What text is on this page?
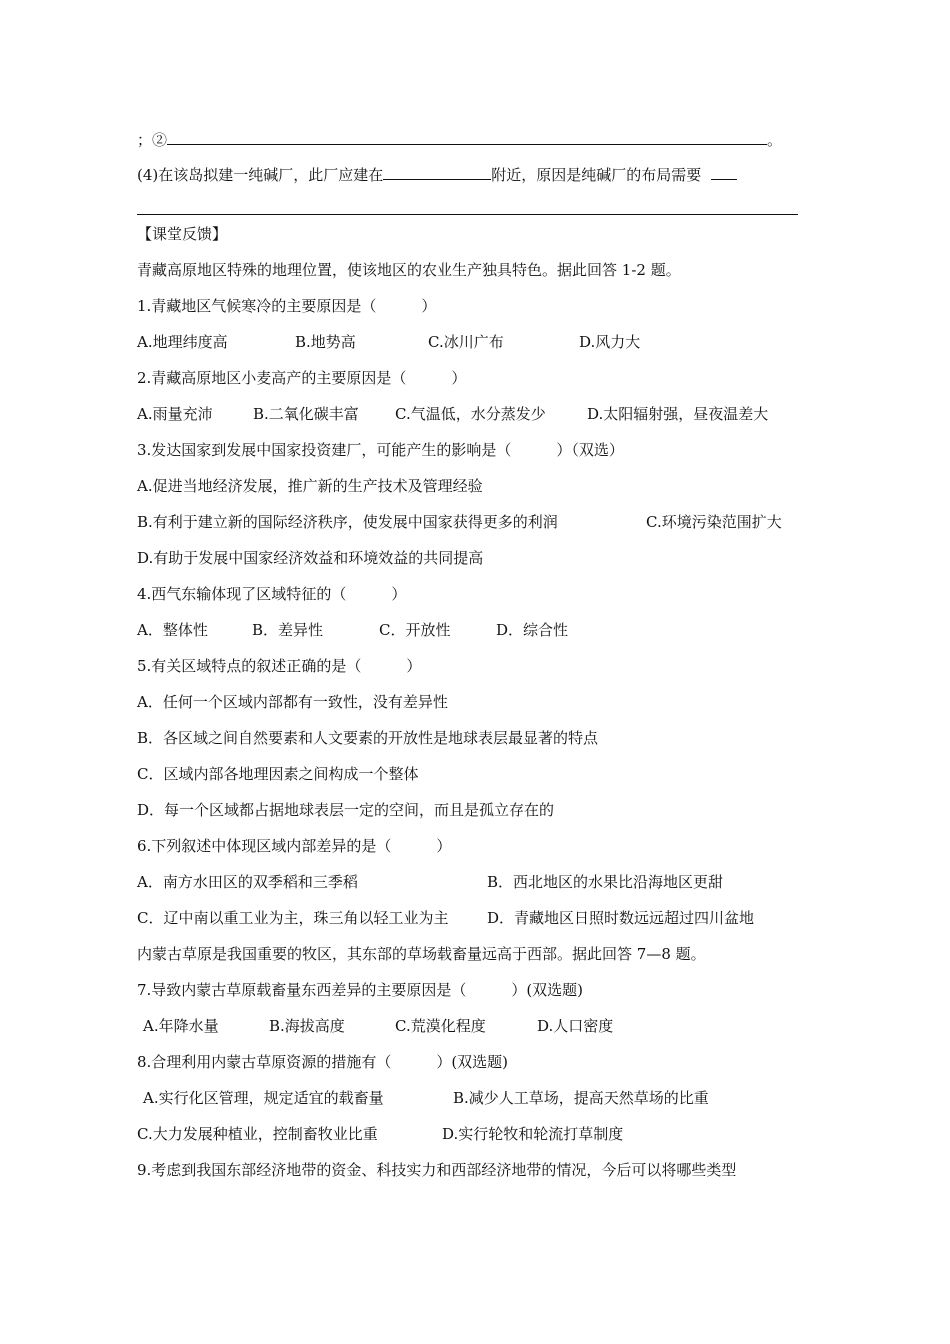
；②	。
(4)在该岛拟建一纯碱厂，此厂应建在	附近，原因是纯碱厂的布局需要
【课堂反馈】
青藏高原地区特殊的地理位置，使该地区的农业生产独具特色。据此回答 1-2 题。
1.青藏地区气候寒冷的主要原因是（　　　）
A.地理纬度高	B.地势高	C.冰川广布	D.风力大
2.青藏高原地区小麦高产的主要原因是（　　　）
A.雨量充沛	B.二氧化碳丰富 C.气温低，水分蒸发少	D.太阳辐射强，昼夜温差大
3.发达国家到发展中国家投资建厂，可能产生的影响是（　　　）（双选）
A.促进当地经济发展，推广新的生产技术及管理经验
B.有利于建立新的国际经济秩序，使发展中国家获得更多的利润	C.环境污染范围扩大
D.有助于发展中国家经济效益和环境效益的共同提高
4.西气东输体现了区域特征的（　　　）
A．整体性	B．差异性	C．开放性	D．综合性
5.有关区域特点的叙述正确的是（　　　）
A．任何一个区域内部都有一致性，没有差异性
B．各区域之间自然要素和人文要素的开放性是地球表层最显著的特点
C．区域内部各地理因素之间构成一个整体
D．每一个区域都占据地球表层一定的空间，而且是孤立存在的
6.下列叙述中体现区域内部差异的是（　　　）
A．南方水田区的双季稻和三季稻	B．西北地区的水果比沿海地区更甜
C．辽中南以重工业为主，珠三角以轻工业为主	D．青藏地区日照时数远远超过四川盆地
内蒙古草原是我国重要的牧区，其东部的草场载畜量远高于西部。据此回答 7—8 题。
7.导致内蒙古草原载畜量东西差异的主要原因是（　　　）(双选题)
A.年降水量	B.海拔高度	C.荒漠化程度	D.人口密度
8.合理利用内蒙古草原资源的措施有（　　　）(双选题)
A.实行化区管理，规定适宜的载畜量	B.减少人工草场，提高天然草场的比重
C.大力发展种植业，控制畜牧业比重	D.实行轮牧和轮流打草制度
9.考虑到我国东部经济地带的资金、科技实力和西部经济地带的情况，今后可以将哪些类型
